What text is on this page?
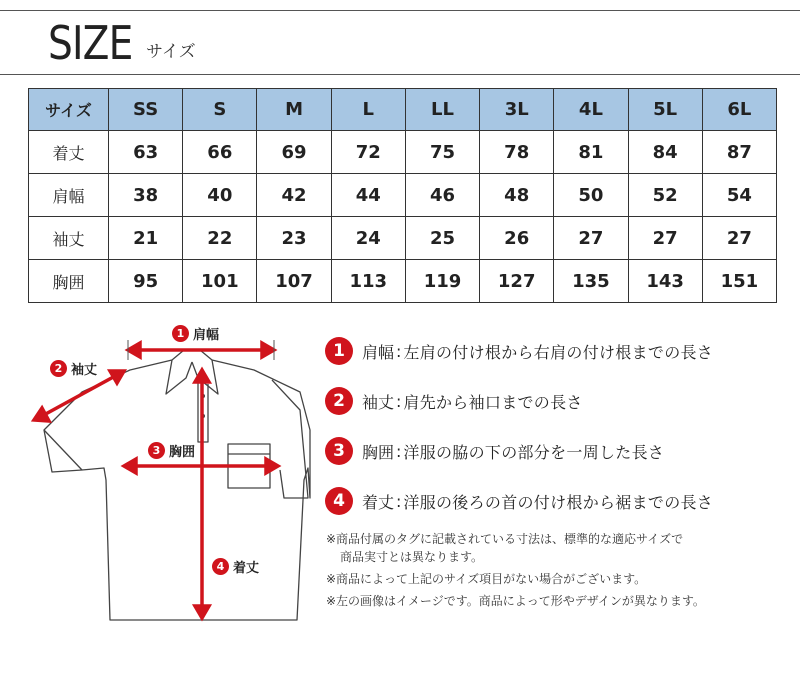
SIZE サイズ
サイズ	SS	S	M	L	LL	3L	4L	5L	6L
着丈	63	66	69	72	75	78	81	84	87
肩幅	38	40	42	44	46	48	50	52	54
袖丈	21	22	23	24	25	26	27	27	27
胸囲	95	101	107	113	119	127	135	143	151
1 肩幅
2 袖丈
3 胸囲
4 着丈
1	肩幅 : 左肩の付け根から右肩の付け根までの長さ
2	袖丈 : 肩先から袖口までの長さ
3	胸囲 : 洋服の脇の下の部分を一周した長さ
4	着丈 : 洋服の後ろの首の付け根から裾までの長さ
※商品付属のタグに記載されている寸法は、標準的な適応サイズで
商品実寸とは異なります。
※商品によって上記のサイズ項目がない場合がございます。
※左の画像はイメージです。商品によって形やデザインが異なります。
